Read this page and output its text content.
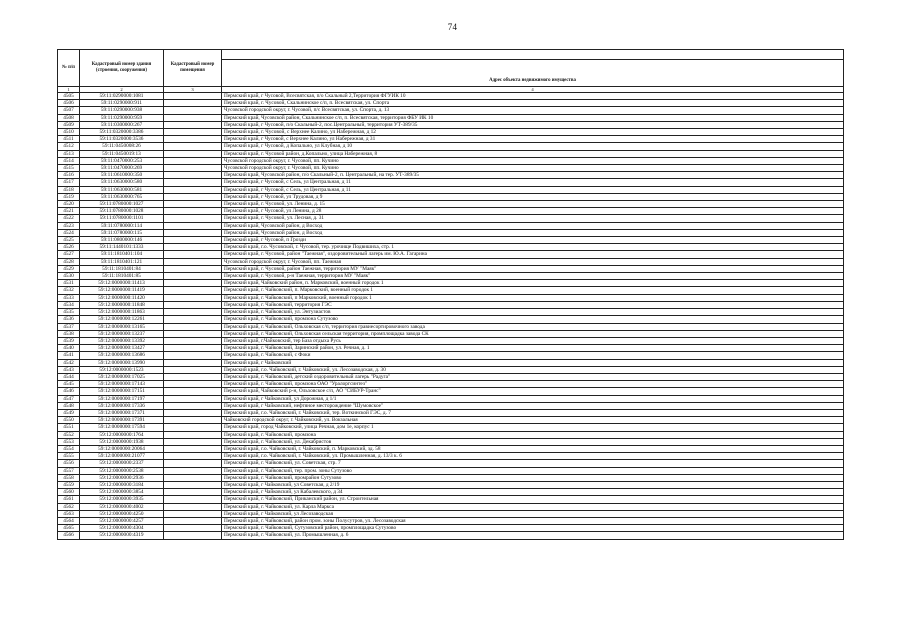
74
№ п/п	Кадастровый номер здания (строения, сооружения)	Кадастровый номер помещения	
			Адрес объекта недвижимого имущества
1	2	3	4
4505	59:11:0290000:1081		Пермский край, г Чусовой, Всесвятская, п/о Скальный 2,Территория ФГУИК 10
4506	59:11:0290000:911		Пермский край, г. Чусовой, Скальнинское с/п, п. Всесвятская, ул. Спорта
4507	59:11:0290000:938		Чусовской городской округ, г. Чусовой, п/с Всесвятская, ул. Спорта, д. 13
4508	59:11:0290000:959		Пермский край, Чусовской район, Скальнинское с/п, п. Всесвятская, территория ФБУ ИК 10
4509	59:11:0300000:267		Пермский край, г Чусовой, п/о Скальный-2, пос.Центральный, территория УТ-389/35
4510	59:11:0320000:3386		Пермский край, г. Чусовой, с Верхнее Калино, ул Набережная, д 12
4511	59:11:0320000:3536		Пермский край, г Чусовой, с Верхнее Калино, ул Набережная, д 31
4512	59:11:0450008:26		Пермский край, г Чусовой, д Копально, ул Клубная, д 10
4513	59:11:0450019:13		Пермский край, г. Чусовой район, д.Копально, улица Набережная, 8
4514	59:11:0470000:253		Чусовской городской округ, г. Чусовой, пп. Кучино
4515	59:11:0470000:269		Чусовской городской округ, г. Чусовой, пп. Кучино
4516	59:11:0610000:350		Пермский край, Чусовской район, п/о Скальный-2, п. Центральный, на тер. УТ-389/35
4517	59:11:0630000:580		Пермский край, г Чусовой, с Сель, ул Центральная, д 11
4518	59:11:0630000:581		Пермский край, г Чусовой, с Сель, ул Центральная, д 11
4519	59:11:0630000:765		Пермский край, г Чусовой, ул Трудовая, д 9
4520	59:11:0780000:1027		Пермский край, г. Чусовой, ул. Ленина, д. 15
4521	59:11:0780000:1028		Пермский край, г Чусовой, ул Ленина, д 28
4522	59:11:0780000:1101		Пермский край, г. Чусовой, ул. Лесная, д. 31
4523	59:11:0780000:114		Пермский край, Чусовской район, д Восход
4524	59:11:0780000:115		Пермский край, Чусовской район, д Восход
4525	59:11:0800000:146		Пермский край, г Чусовой, п Грозди
4526	59:11:1440101:1333		Пермский край, г.о. Чусовской, г. Чусовой, тер. урочище Подвишиха, стр. 1
4527	59:11:1810401:104		Пермский край, г. Чусовой, район "Таежная", оздоровительный лагерь им. Ю.А. Гагарина
4528	59:11:1810401:121		Чусовской городской округ, г. Чусовой, пп. Таежная
4529	59:11:1810401:84		Пермский край, г. Чусовой, район Таежная, территория МУ "Маяк"
4530	59:11:1810401:85		Пермский край, г. Чусовой, р-н Таежная, территория МУ "Маяк"
4531	59:12:0000000:11413		Пермский край, Чайковский район, п. Марковский, военный городок 1
4532	59:12:0000000:11419		Пермский край, г. Чайковский, п. Марковский, военный городок 1
4533	59:12:0000000:11420		Пермский край, г. Чайковский, п Марковский, военный городок 1
4534	59:12:0000000:11848		Пермский край, г. Чайковский, территория ГЭС
4535	59:12:0000000:11863		Пермский край, г. Чайковский, ул. Энтузиастов
4536	59:12:0000000:12261		Пермский край, г. Чайковский, промзона Сутузово
4537	59:12:0000000:13165		Пермский край, г. Чайковский, Ольховская с/п, территория гравиесортировочного завода
4538	59:12:0000000:13237		Пермский край, г. Чайковский, Ольховская сельская территория, промплощадка завода СК
4539	59:12:0000000:13392		Пермский край, г.Чайковский, тер База отдыха Русь
4540	59:12:0000000:13427		Пермский край, г. Чайковский, Заринский район, ул. Речная, д. 1
4541	59:12:0000000:13686		Пермский край, г. Чайковский, с Фоки
4542	59:12:0000000:13990		Пермский край, г Чайковский
4543	59:12:0000000:1523		Пермский край, г.о. Чайковский, г. Чайковский, ул. Лесозаводская, д. 30
4544	59:12:0000000:17025		Пермский край, г. Чайковский, детский оздоровительный лагерь "Радуга"
4545	59:12:0000000:17143		Пермский край, г. Чайковский, промзона ОАО "Уралоргсинтез"
4546	59:12:0000000:17151		Пермский край, Чайковский р-н, Ольховское с/п, АО "СИБУР-Транс"
4547	59:12:0000000:17197		Пермский край, г Чайковский, ул Дорожная, д 1/1
4548	59:12:0000000:17336		Пермский край, г Чайковский, нефтяное месторождение "Шумовское"
4549	59:12:0000000:17371		Пермский край, г.о. Чайковский, г. Чайковский, тер. Воткинской ГЭС, д. 7
4550	59:12:0000000:17391		Чайковский городской округ, г. Чайковский, ул. Вокзальная
4551	59:12:0000000:17594		Пермский край, город Чайковский, улица Речная, дом 1е, корпус 1
4552	59:12:0000000:1764		Пермский край, г. Чайковский, промзона
4553	59:12:0000000:1938		Пермский край, г. Чайковский, ул. Декабристов
4554	59:12:0000000:20064		Пермский край, г.о. Чайковский, г. Чайковский, п. Марковский, зд. 58
4555	59:12:0000000:21077		Пермский край, г.о. Чайковский, г. Чайковский, ул. Промышленная, д. 13/3 к. 6
4556	59:12:0000000:2337		Пермский край, г. Чайковский, ул. Советская, стр. 7
4557	59:12:0000000:2538		Пермский край, г. Чайковский, тер. пром. зоны Сутузово
4558	59:12:0000000:2936		Пермский край, г. Чайковский, промрайон Сутузово
4559	59:12:0000000:3184		Пермский край, г Чайковский, ул Советская, д 2/19
4560	59:12:0000000:3854		Пермский край, г Чайковский, ул Кабалевского, д 34
4561	59:12:0000000:3935		Пермский край, г. Чайковский, Приканский район, ул. Строительная
4562	59:12:0000000:4002		Пермский край, г. Чайковский, ул. Карла Маркса
4563	59:12:0000000:4250		Пермский край, г Чайковский, ул Лесозаводская
4564	59:12:0000000:4257		Пермский край, г. Чайковский, район пром. зоны Полусутров, ул. Лесозаводская
4565	59:12:0000000:4304		Пермский край, г. Чайковский, Сутузовский район, промплощадка Сутузово
4566	59:12:0000000:4319		Пермский край, г. Чайковский, ул. Промышленная, д. 6
